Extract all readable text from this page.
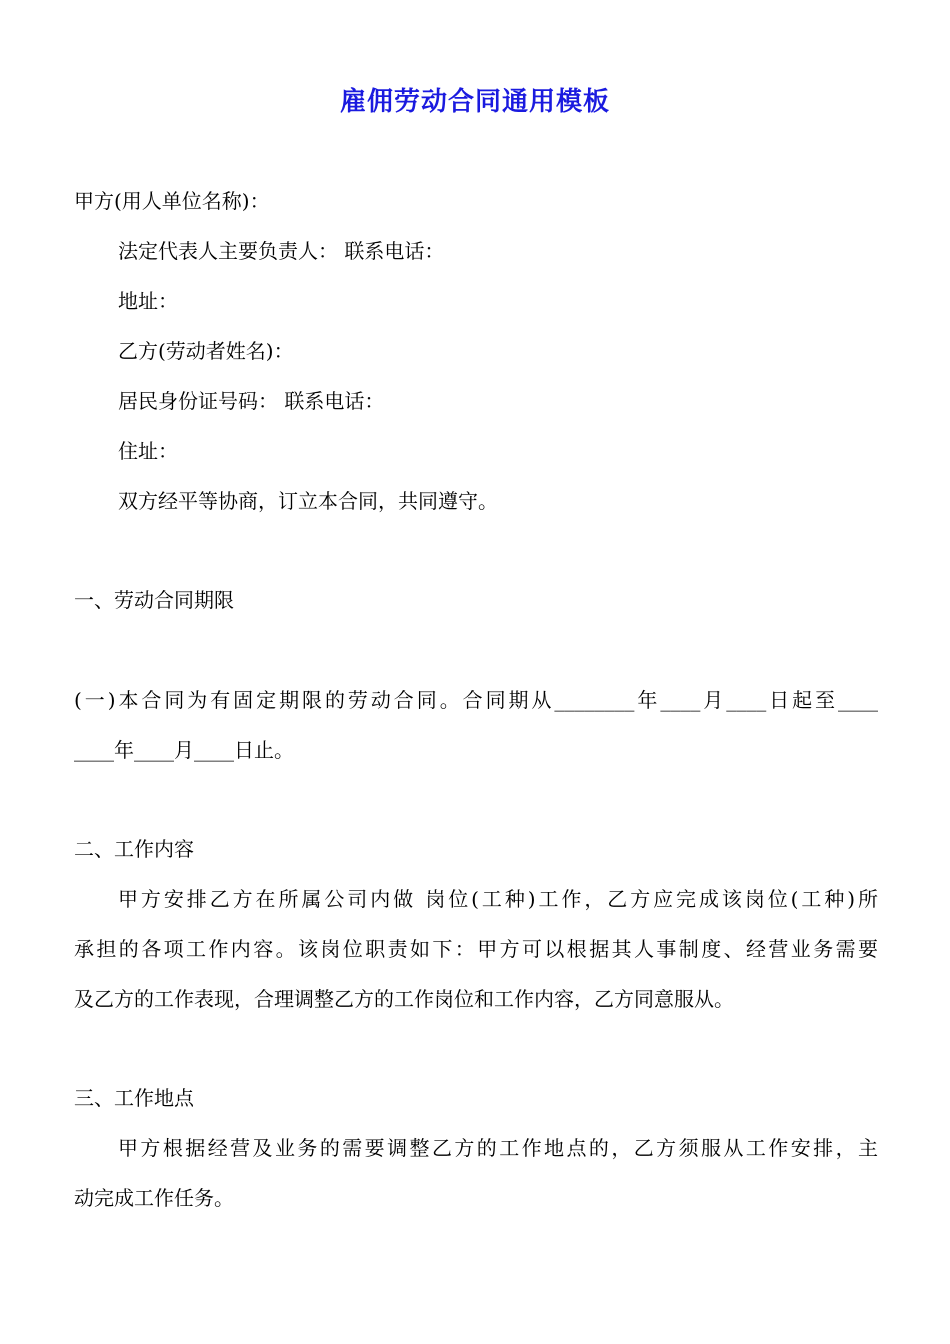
雇佣劳动合同通用模板
甲方(用人单位名称)：
法定代表人主要负责人： 联系电话：
地址：
乙方(劳动者姓名)：
居民身份证号码： 联系电话：
住址：
双方经平等协商，订立本合同，共同遵守。
一、劳动合同期限
(一)本合同为有固定期限的劳动合同。合同期从________年____月____日起至____
____年____月____日止。
二、工作内容
甲方安排乙方在所属公司内做 岗位(工种)工作，乙方应完成该岗位(工种)所
承担的各项工作内容。该岗位职责如下：甲方可以根据其人事制度、经营业务需要
及乙方的工作表现，合理调整乙方的工作岗位和工作内容，乙方同意服从。
三、工作地点
甲方根据经营及业务的需要调整乙方的工作地点的，乙方须服从工作安排，主
动完成工作任务。
